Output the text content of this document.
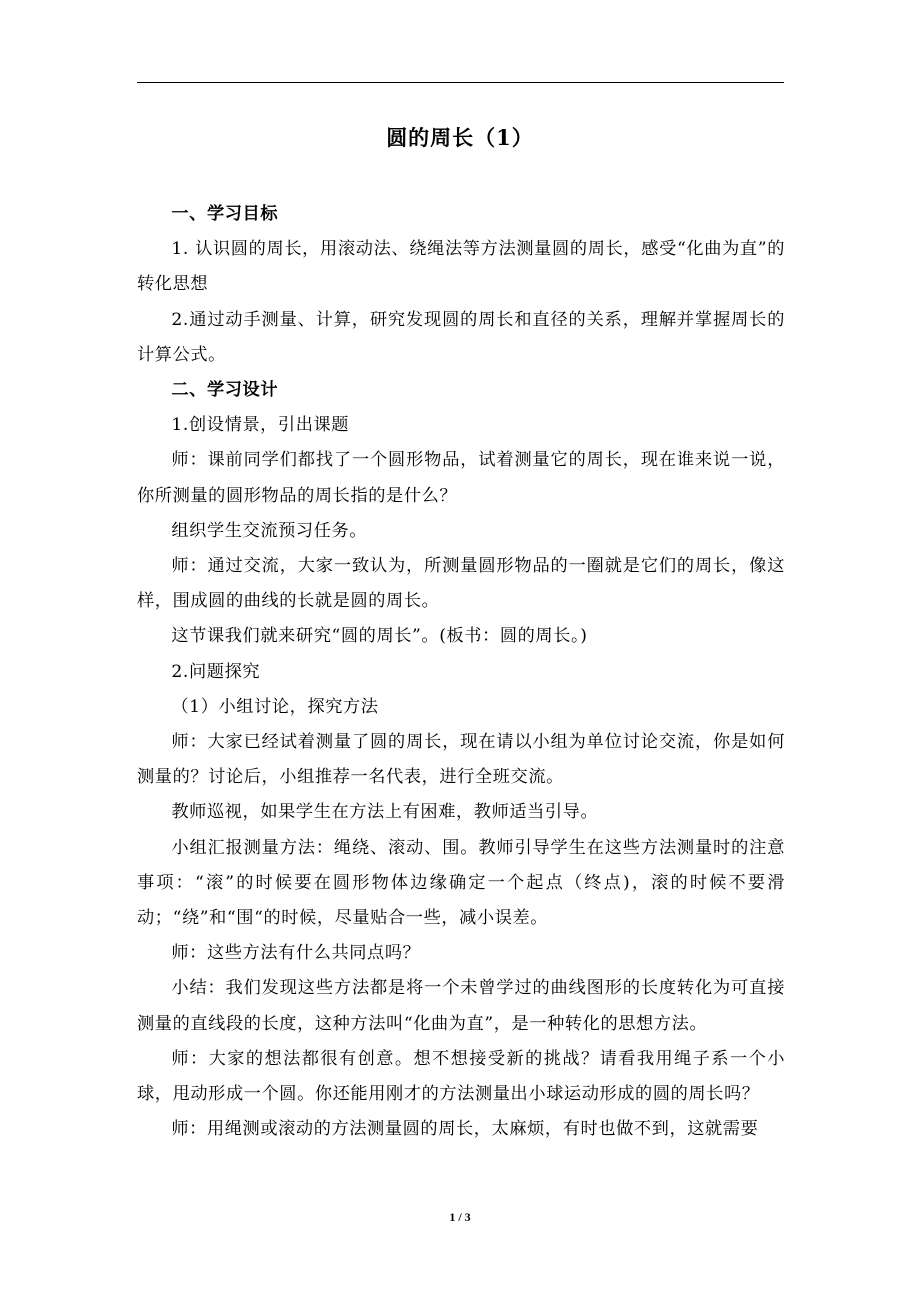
圆的周长（1）

一、学习目标

1. 认识圆的周长，用滚动法、绕绳法等方法测量圆的周长，感受“化曲为直”的转化思想

2.通过动手测量、计算，研究发现圆的周长和直径的关系，理解并掌握周长的计算公式。

二、学习设计

1.创设情景，引出课题

师：课前同学们都找了一个圆形物品，试着测量它的周长，现在谁来说一说，你所测量的圆形物品的周长指的是什么？

组织学生交流预习任务。

师：通过交流，大家一致认为，所测量圆形物品的一圈就是它们的周长，像这样，围成圆的曲线的长就是圆的周长。

这节课我们就来研究“圆的周长”。(板书：圆的周长。)

2.问题探究

（1）小组讨论，探究方法

师：大家已经试着测量了圆的周长，现在请以小组为单位讨论交流，你是如何测量的？讨论后，小组推荐一名代表，进行全班交流。

教师巡视，如果学生在方法上有困难，教师适当引导。

小组汇报测量方法：绳绕、滚动、围。教师引导学生在这些方法测量时的注意事项：“滚”的时候要在圆形物体边缘确定一个起点（终点)，滚的时候不要滑动；“绕”和“围“的时候，尽量贴合一些，减小误差。

师：这些方法有什么共同点吗？

小结：我们发现这些方法都是将一个未曾学过的曲线图形的长度转化为可直接测量的直线段的长度，这种方法叫“化曲为直”，是一种转化的思想方法。

师：大家的想法都很有创意。想不想接受新的挑战？请看我用绳子系一个小球，甩动形成一个圆。你还能用刚才的方法测量出小球运动形成的圆的周长吗？

师：用绳测或滚动的方法测量圆的周长，太麻烦，有时也做不到，这就需要

1 / 3
